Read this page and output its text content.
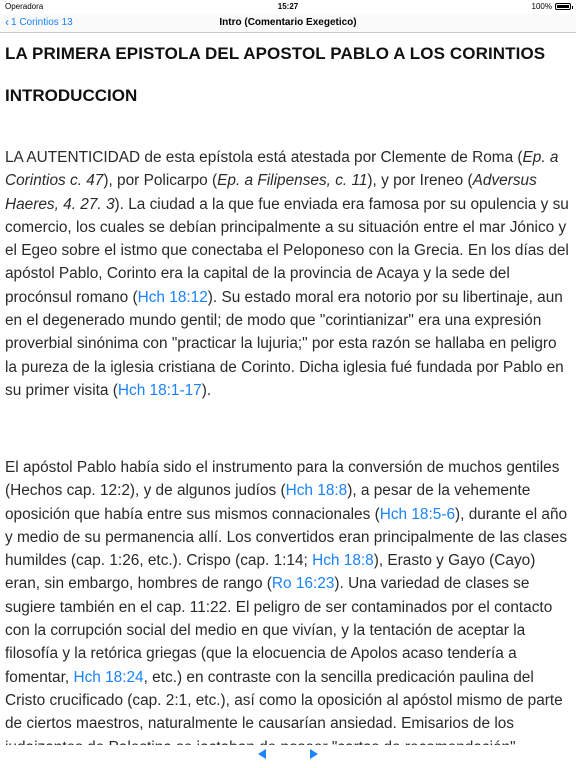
Operadora	15:27	100%
‹ 1 Corintios 13	Intro (Comentario Exegetico)
LA PRIMERA EPISTOLA DEL APOSTOL PABLO A LOS CORINTIOS
INTRODUCCION
LA AUTENTICIDAD de esta epístola está atestada por Clemente de Roma (Ep. a Corintios c. 47), por Policarpo (Ep. a Filipenses, c. 11), y por Ireneo (Adversus Haeres, 4. 27. 3). La ciudad a la que fue enviada era famosa por su opulencia y su comercio, los cuales se debían principalmente a su situación entre el mar Jónico y el Egeo sobre el istmo que conectaba el Peloponeso con la Grecia. En los días del apóstol Pablo, Corinto era la capital de la provincia de Acaya y la sede del procónsul romano (Hch 18:12). Su estado moral era notorio por su libertinaje, aun en el degenerado mundo gentil; de modo que "corintianizar" era una expresión proverbial sinónima con "practicar la lujuria;" por esta razón se hallaba en peligro la pureza de la iglesia cristiana de Corinto. Dicha iglesia fué fundada por Pablo en su primer visita (Hch 18:1-17).
El apóstol Pablo había sido el instrumento para la conversión de muchos gentiles (Hechos cap. 12:2), y de algunos judíos (Hch 18:8), a pesar de la vehemente oposición que había entre sus mismos connacionales (Hch 18:5-6), durante el año y medio de su permanencia allí. Los convertidos eran principalmente de las clases humildes (cap. 1:26, etc.). Crispo (cap. 1:14; Hch 18:8), Erasto y Gayo (Cayo) eran, sin embargo, hombres de rango (Ro 16:23). Una variedad de clases se sugiere también en el cap. 11:22. El peligro de ser contaminados por el contacto con la corrupción social del medio en que vivían, y la tentación de aceptar la filosofía y la retórica griegas (que la elocuencia de Apolos acaso tendería a fomentar, Hch 18:24, etc.) en contraste con la sencilla predicación paulina del Cristo crucificado (cap. 2:1, etc.), así como la oposición al apóstol mismo de parte de ciertos maestros, naturalmente le causarían ansiedad. Emisarios de los
